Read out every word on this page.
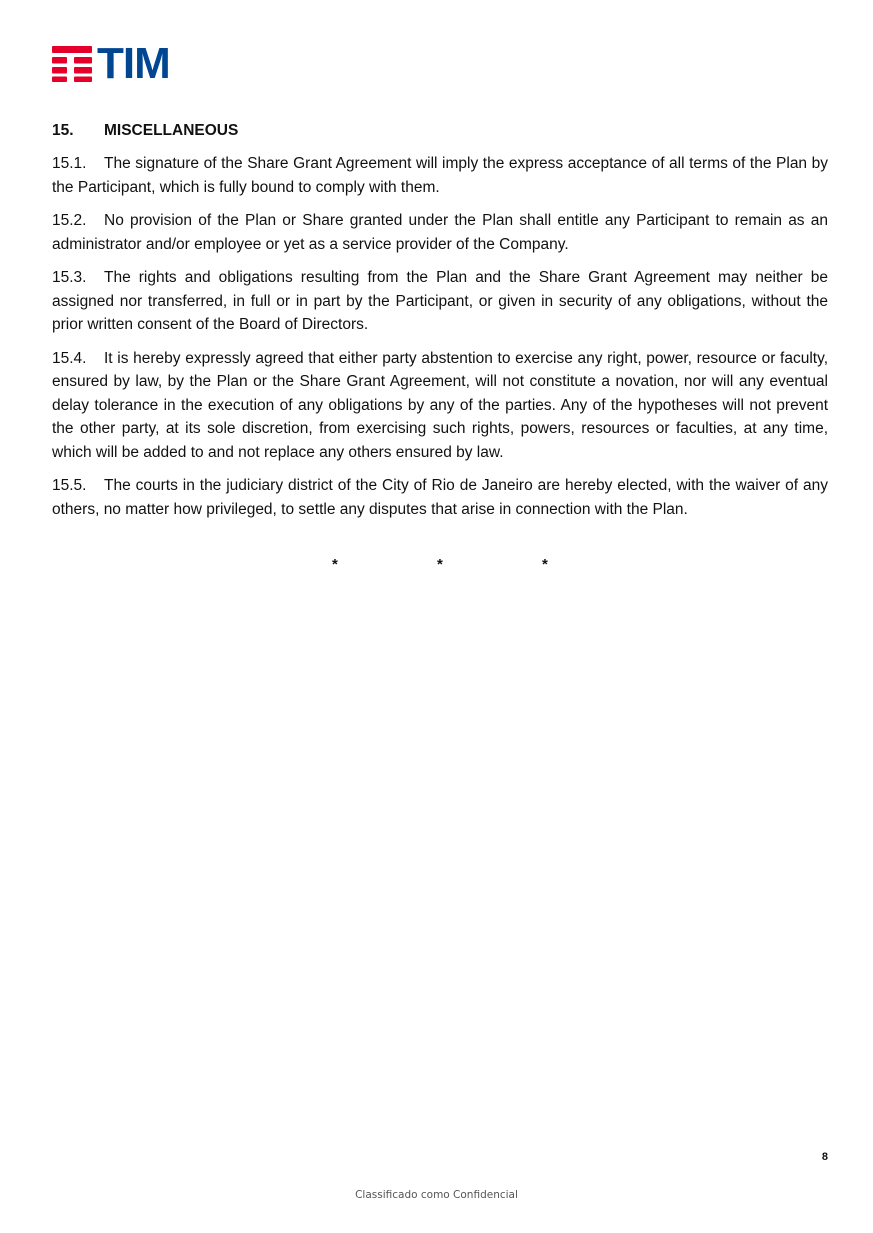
TIM
15. MISCELLANEOUS

15.1. The signature of the Share Grant Agreement will imply the express acceptance of all terms of the Plan by the Participant, which is fully bound to comply with them.

15.2. No provision of the Plan or Share granted under the Plan shall entitle any Participant to remain as an administrator and/or employee or yet as a service provider of the Company.

15.3. The rights and obligations resulting from the Plan and the Share Grant Agreement may neither be assigned nor transferred, in full or in part by the Participant, or given in security of any obligations, without the prior written consent of the Board of Directors.

15.4. It is hereby expressly agreed that either party abstention to exercise any right, power, resource or faculty, ensured by law, by the Plan or the Share Grant Agreement, will not constitute a novation, nor will any eventual delay tolerance in the execution of any obligations by any of the parties. Any of the hypotheses will not prevent the other party, at its sole discretion, from exercising such rights, powers, resources or faculties, at any time, which will be added to and not replace any others ensured by law.

15.5. The courts in the judiciary district of the City of Rio de Janeiro are hereby elected, with the waiver of any others, no matter how privileged, to settle any disputes that arise in connection with the Plan.

*	*	*
8
Classificado como Confidencial
